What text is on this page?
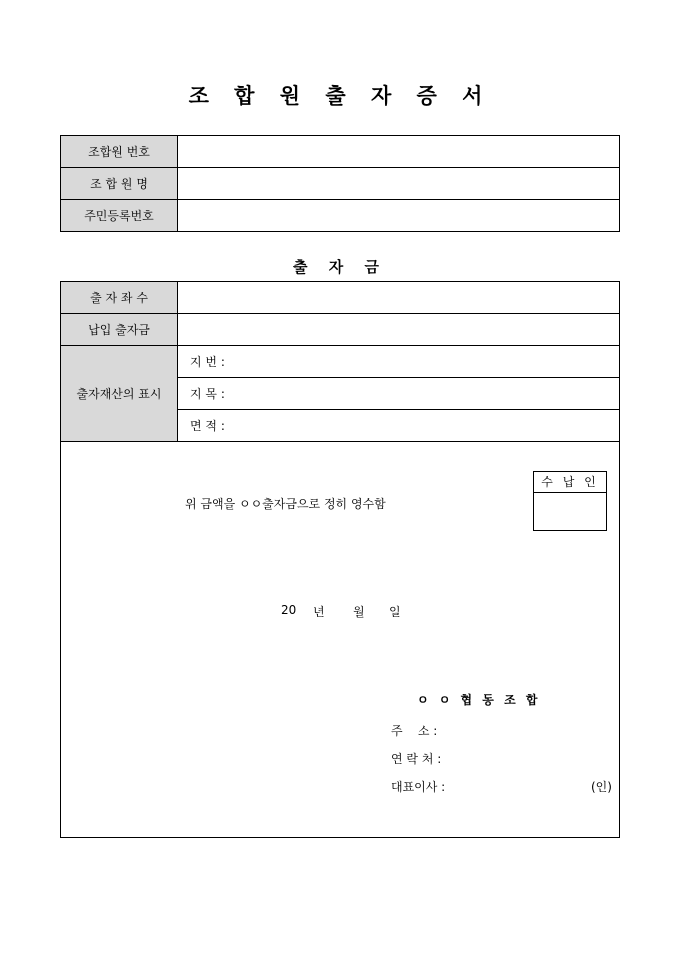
조 합 원 출 자 증 서
조합원 번호	
조 합 원 명	
주민등록번호	
출 자 금
출 자 좌 수	
납입 출자금	
출자재산의 표시	지 번 :
	지 목 :
	면 적 :
위 금액을 ㅇㅇ출자금으로 정히 영수함
수 납 인
20 년 월 일
ㅇ ㅇ 협 동 조 합
주    소 :
연 락 처 :
대표이사 :	(인)
